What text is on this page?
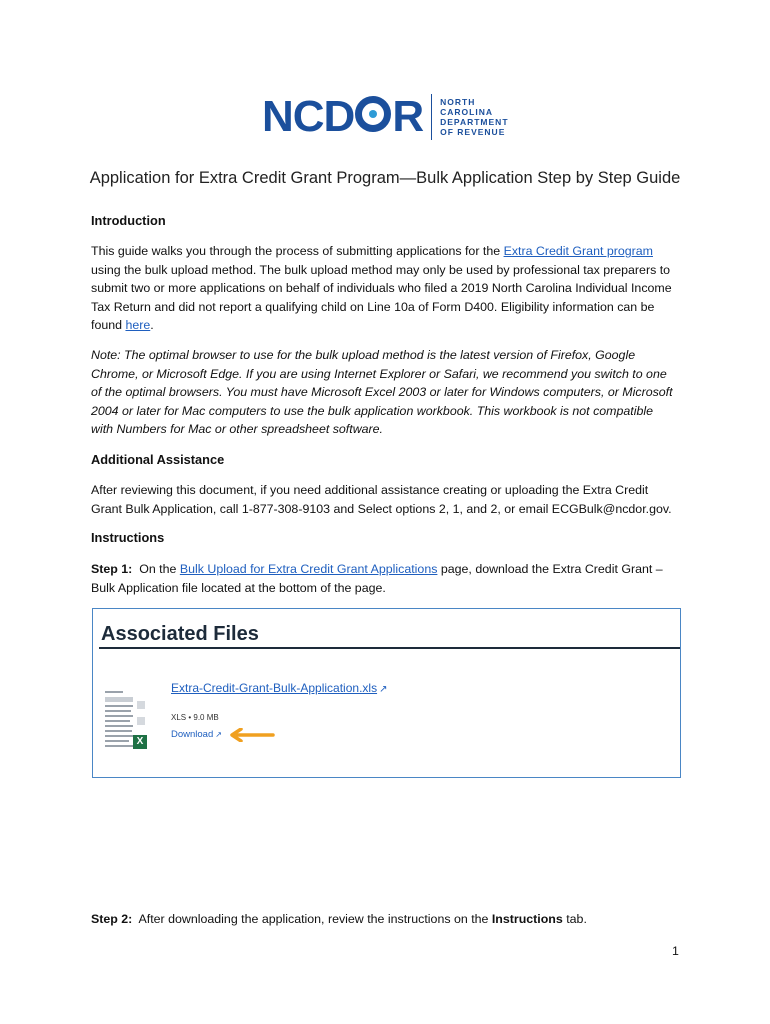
NCD R NORTH
CAROLINA
DEPARTMENT
OF REVENUE
Application for Extra Credit Grant Program—Bulk Application Step by Step Guide

Introduction

This guide walks you through the process of submitting applications for the Extra Credit Grant program using the bulk upload method. The bulk upload method may only be used by professional tax preparers to submit two or more applications on behalf of individuals who filed a 2019 North Carolina Individual Income Tax Return and did not report a qualifying child on Line 10a of Form D400. Eligibility information can be found here.

Note: The optimal browser to use for the bulk upload method is the latest version of Firefox, Google Chrome, or Microsoft Edge. If you are using Internet Explorer or Safari, we recommend you switch to one of the optimal browsers. You must have Microsoft Excel 2003 or later for Windows computers, or Microsoft 2004 or later for Mac computers to use the bulk application workbook. This workbook is not compatible with Numbers for Mac or other spreadsheet software.

Additional Assistance

After reviewing this document, if you need additional assistance creating or uploading the Extra Credit Grant Bulk Application, call 1-877-308-9103 and Select options 2, 1, and 2, or email ECGBulk@ncdor.gov.

Instructions

Step 1:  On the Bulk Upload for Extra Credit Grant Applications page, download the Extra Credit Grant – Bulk Application file located at the bottom of the page.

Associated Files
X
Extra-Credit-Grant-Bulk-Application.xls ↗
XLS • 9.0 MB
Download ↗

Step 2:  After downloading the application, review the instructions on the Instructions tab.

1
